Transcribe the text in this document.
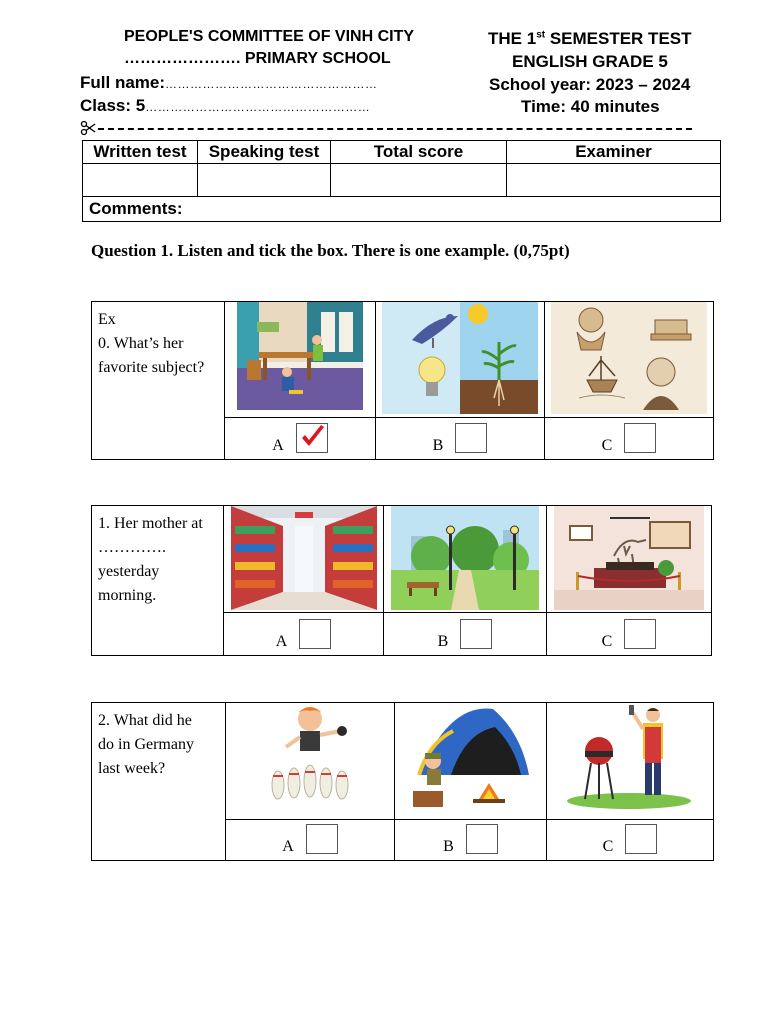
PEOPLE'S COMMITTEE OF VINH CITY
…………………. PRIMARY SCHOOL
Full name:……………………………………………
Class: 5………………………………………………
THE 1st SEMESTER TEST
ENGLISH GRADE 5
School year: 2023 – 2024
Time: 40 minutes
Written test	Speaking test	Total score	Examiner

Comments:			
Question 1. Listen and tick the box. There is one example. (0,75pt)
Ex
0. What’s her
favorite subject?

	A	B	C
1. Her mother at
………….
yesterday
morning.

	A	B	C
2. What did he
do in Germany
last week?

	A	B	C
